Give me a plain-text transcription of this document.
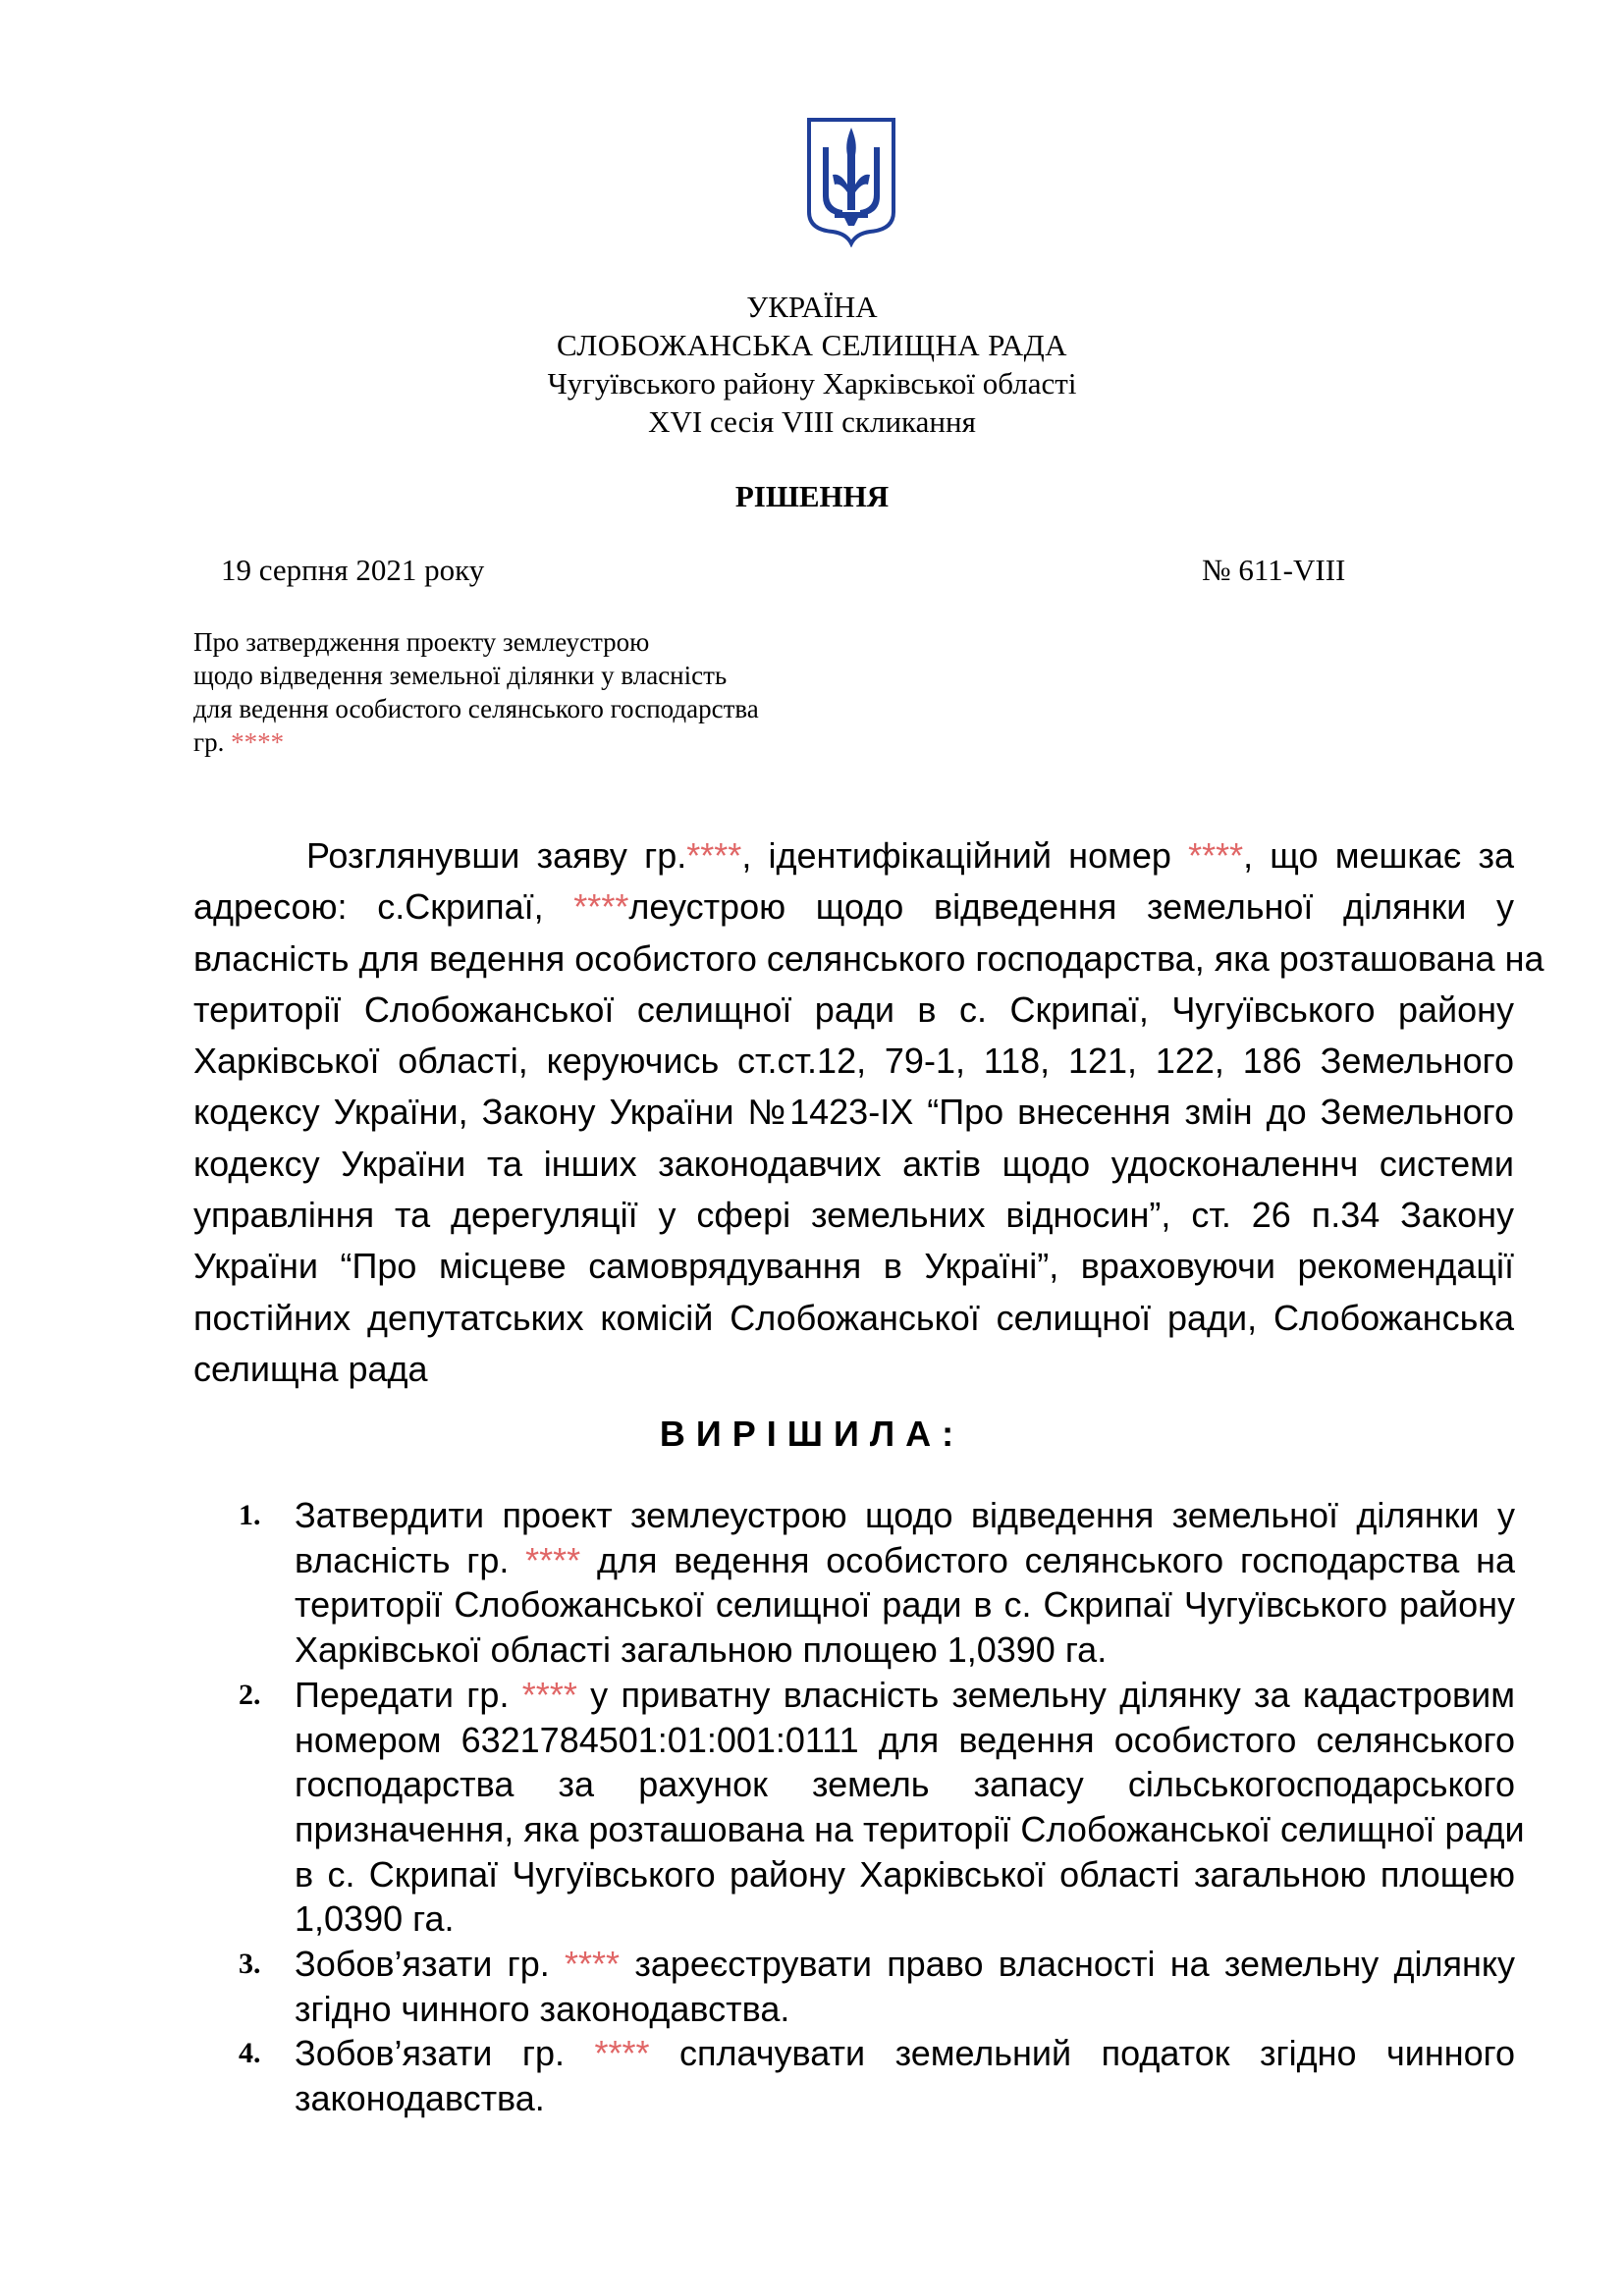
УКРАЇНА
СЛОБОЖАНСЬКА СЕЛИЩНА РАДА
Чугуївського району Харківської області
XVI сесія VIII скликання
РІШЕННЯ
19 серпня 2021 року	№ 611-VIII
Про затвердження проекту землеустрою
щодо відведення земельної ділянки у власність
для ведення особистого селянського господарства
гр. ****
Розглянувши заяву гр.****, ідентифікаційний номер ****, що мешкає за
адресою: с.Скрипаї, ****леустрою щодо відведення земельної ділянки у
власність для ведення особистого селянського господарства, яка розташована на
території Слобожанської селищної ради в с. Скрипаї, Чугуївського району
Харківської області, керуючись ст.ст.12, 79-1, 118, 121, 122, 186 Земельного
кодексу України, Закону України №1423-IX “Про внесення змін до Земельного
кодексу України та інших законодавчих актів щодо удосконаленнч системи
управління та дерегуляції у сфері земельних відносин”, ст. 26 п.34 Закону
України “Про місцеве самоврядування в Україні”, враховуючи рекомендації
постійних депутатських комісій Слобожанської селищної ради, Слобожанська
селищна рада
ВИРІШИЛА:
1. Затвердити проект землеустрою щодо відведення земельної ділянки у
власність гр. **** для ведення особистого селянського господарства на
території Слобожанської селищної ради в с. Скрипаї Чугуївського району
Харківської області загальною площею 1,0390 га.
2. Передати гр. **** у приватну власність земельну ділянку за кадастровим
номером 6321784501:01:001:0111 для ведення особистого селянського
господарства за рахунок земель запасу сільськогосподарського
призначення, яка розташована на території Слобожанської селищної ради
в с. Скрипаї Чугуївського району Харківської області загальною площею
1,0390 га.
3. Зобов’язати гр. **** зареєструвати право власності на земельну ділянку
згідно чинного законодавства.
4. Зобов’язати гр. **** сплачувати земельний податок згідно чинного
законодавства.
